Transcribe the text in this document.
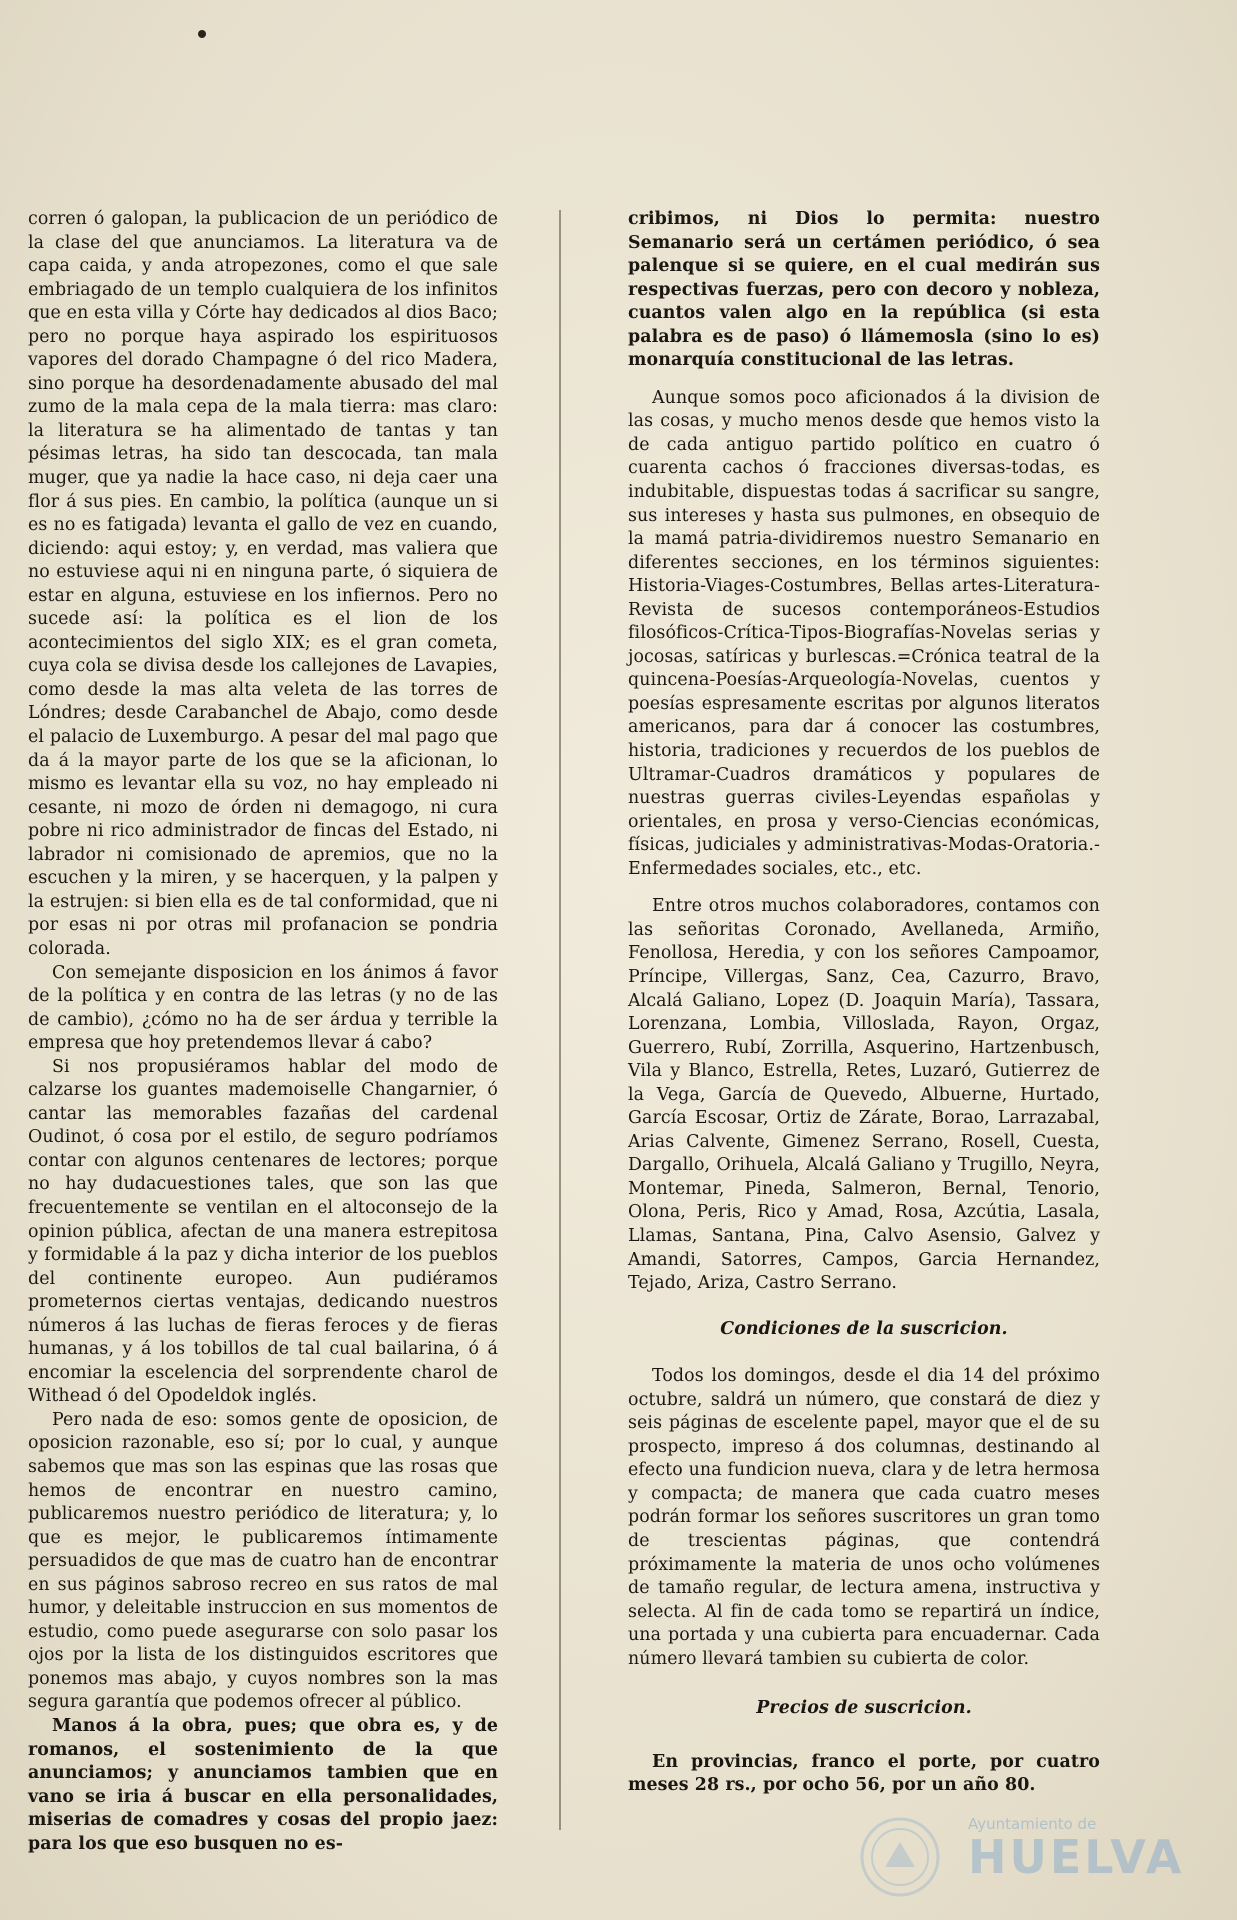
corren ó galopan, la publicacion de un periódico de la clase del que anunciamos. La literatura va de capa caida, y anda atropezones, como el que sale embriagado de un templo cualquiera de los infinitos que en esta villa y Córte hay dedicados al dios Baco; pero no porque haya aspirado los espirituosos vapores del dorado Champagne ó del rico Madera, sino porque ha desordenadamente abusado del mal zumo de la mala cepa de la mala tierra: mas claro: la literatura se ha alimentado de tantas y tan pésimas letras, ha sido tan descocada, tan mala muger, que ya nadie la hace caso, ni deja caer una flor á sus pies. En cambio, la política (aunque un si es no es fatigada) levanta el gallo de vez en cuando, diciendo: aqui estoy; y, en verdad, mas valiera que no estuviese aqui ni en ninguna parte, ó siquiera de estar en alguna, estuviese en los infiernos. Pero no sucede así: la política es el lion de los acontecimientos del siglo XIX; es el gran cometa, cuya cola se divisa desde los callejones de Lavapies, como desde la mas alta veleta de las torres de Lóndres; desde Carabanchel de Abajo, como desde el palacio de Luxemburgo. A pesar del mal pago que da á la mayor parte de los que se la aficionan, lo mismo es levantar ella su voz, no hay empleado ni cesante, ni mozo de órden ni demagogo, ni cura pobre ni rico administrador de fincas del Estado, ni labrador ni comisionado de apremios, que no la escuchen y la miren, y se hacerquen, y la palpen y la estrujen: si bien ella es de tal conformidad, que ni por esas ni por otras mil profanacion se pondria colorada.

Con semejante disposicion en los ánimos á favor de la política y en contra de las letras (y no de las de cambio), ¿cómo no ha de ser árdua y terrible la empresa que hoy pretendemos llevar á cabo?

Si nos propusiéramos hablar del modo de calzarse los guantes mademoiselle Changarnier, ó cantar las memorables fazañas del cardenal Oudinot, ó cosa por el estilo, de seguro podríamos contar con algunos centenares de lectores; porque no hay dudacuestiones tales, que son las que frecuentemente se ventilan en el altoconsejo de la opinion pública, afectan de una manera estrepitosa y formidable á la paz y dicha interior de los pueblos del continente europeo. Aun pudiéramos prometernos ciertas ventajas, dedicando nuestros números á las luchas de fieras feroces y de fieras humanas, y á los tobillos de tal cual bailarina, ó á encomiar la escelencia del sorprendente charol de Withead ó del Opodeldok inglés.

Pero nada de eso: somos gente de oposicion, de oposicion razonable, eso sí; por lo cual, y aunque sabemos que mas son las espinas que las rosas que hemos de encontrar en nuestro camino, publicaremos nuestro periódico de literatura; y, lo que es mejor, le publicaremos íntimamente persuadidos de que mas de cuatro han de encontrar en sus páginos sabroso recreo en sus ratos de mal humor, y deleitable instruccion en sus momentos de estudio, como puede asegurarse con solo pasar los ojos por la lista de los distinguidos escritores que ponemos mas abajo, y cuyos nombres son la mas segura garantía que podemos ofrecer al público.

Manos á la obra, pues; que obra es, y de romanos, el sostenimiento de la que anunciamos; y anunciamos tambien que en vano se iria á buscar en ella personalidades, miserias de comadres y cosas del propio jaez: para los que eso busquen no es-

cribimos, ni Dios lo permita: nuestro Semanario será un certámen periódico, ó sea palenque si se quiere, en el cual medirán sus respectivas fuerzas, pero con decoro y nobleza, cuantos valen algo en la república (si esta palabra es de paso) ó llámemosla (sino lo es) monarquía constitucional de las letras.

Aunque somos poco aficionados á la division de las cosas, y mucho menos desde que hemos visto la de cada antiguo partido político en cuatro ó cuarenta cachos ó fracciones diversas-todas, es indubitable, dispuestas todas á sacrificar su sangre, sus intereses y hasta sus pulmones, en obsequio de la mamá patria-dividiremos nuestro Semanario en diferentes secciones, en los términos siguientes: Historia-Viages-Costumbres, Bellas artes-Literatura-Revista de sucesos contemporáneos-Estudios filosóficos-Crítica-Tipos-Biografías-Novelas serias y jocosas, satíricas y burlescas.=Crónica teatral de la quincena-Poesías-Arqueología-Novelas, cuentos y poesías espresamente escritas por algunos literatos americanos, para dar á conocer las costumbres, historia, tradiciones y recuerdos de los pueblos de Ultramar-Cuadros dramáticos y populares de nuestras guerras civiles-Leyendas españolas y orientales, en prosa y verso-Ciencias económicas, físicas, judiciales y administrativas-Modas-Oratoria.-Enfermedades sociales, etc., etc.

Entre otros muchos colaboradores, contamos con las señoritas Coronado, Avellaneda, Armiño, Fenollosa, Heredia, y con los señores Campoamor, Príncipe, Villergas, Sanz, Cea, Cazurro, Bravo, Alcalá Galiano, Lopez (D. Joaquin María), Tassara, Lorenzana, Lombia, Villoslada, Rayon, Orgaz, Guerrero, Rubí, Zorrilla, Asquerino, Hartzenbusch, Vila y Blanco, Estrella, Retes, Luzaró, Gutierrez de la Vega, García de Quevedo, Albuerne, Hurtado, García Escosar, Ortiz de Zárate, Borao, Larrazabal, Arias Calvente, Gimenez Serrano, Rosell, Cuesta, Dargallo, Orihuela, Alcalá Galiano y Trugillo, Neyra, Montemar, Pineda, Salmeron, Bernal, Tenorio, Olona, Peris, Rico y Amad, Rosa, Azcútia, Lasala, Llamas, Santana, Pina, Calvo Asensio, Galvez y Amandi, Satorres, Campos, Garcia Hernandez, Tejado, Ariza, Castro Serrano.

Condiciones de la suscricion.

Todos los domingos, desde el dia 14 del próximo octubre, saldrá un número, que constará de diez y seis páginas de escelente papel, mayor que el de su prospecto, impreso á dos columnas, destinando al efecto una fundicion nueva, clara y de letra hermosa y compacta; de manera que cada cuatro meses podrán formar los señores suscritores un gran tomo de trescientas páginas, que contendrá próximamente la materia de unos ocho volúmenes de tamaño regular, de lectura amena, instructiva y selecta. Al fin de cada tomo se repartirá un índice, una portada y una cubierta para encuadernar. Cada número llevará tambien su cubierta de color.

Precios de suscricion.

En provincias, franco el porte, por cuatro meses 28 rs., por ocho 56, por un año 80.

Ayuntamiento de
HUELVA
